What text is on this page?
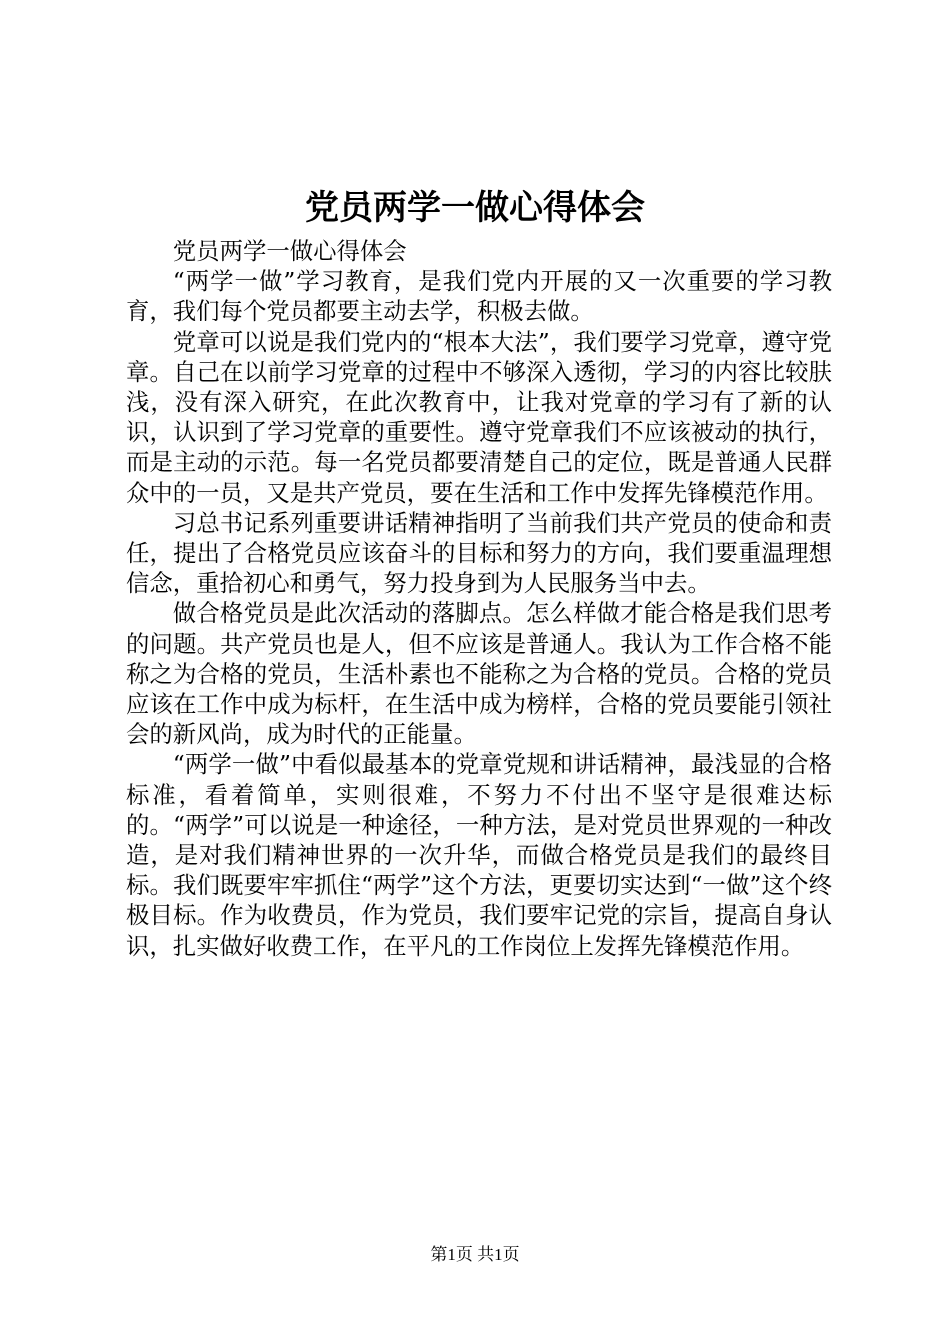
党员两学一做心得体会

党员两学一做心得体会

“两学一做”学习教育，是我们党内开展的又一次重要的学习教育，我们每个党员都要主动去学，积极去做。

党章可以说是我们党内的“根本大法”，我们要学习党章，遵守党章。自己在以前学习党章的过程中不够深入透彻，学习的内容比较肤浅，没有深入研究，在此次教育中，让我对党章的学习有了新的认识，认识到了学习党章的重要性。遵守党章我们不应该被动的执行，而是主动的示范。每一名党员都要清楚自己的定位，既是普通人民群众中的一员，又是共产党员，要在生活和工作中发挥先锋模范作用。

习总书记系列重要讲话精神指明了当前我们共产党员的使命和责任，提出了合格党员应该奋斗的目标和努力的方向，我们要重温理想信念，重拾初心和勇气，努力投身到为人民服务当中去。

做合格党员是此次活动的落脚点。怎么样做才能合格是我们思考的问题。共产党员也是人，但不应该是普通人。我认为工作合格不能称之为合格的党员，生活朴素也不能称之为合格的党员。合格的党员应该在工作中成为标杆，在生活中成为榜样，合格的党员要能引领社会的新风尚，成为时代的正能量。

“两学一做”中看似最基本的党章党规和讲话精神，最浅显的合格标准，看着简单，实则很难，不努力不付出不坚守是很难达标的。“两学”可以说是一种途径，一种方法，是对党员世界观的一种改造，是对我们精神世界的一次升华，而做合格党员是我们的最终目标。我们既要牢牢抓住“两学”这个方法，更要切实达到“一做”这个终极目标。作为收费员，作为党员，我们要牢记党的宗旨，提高自身认识，扎实做好收费工作，在平凡的工作岗位上发挥先锋模范作用。

第1页 共1页
